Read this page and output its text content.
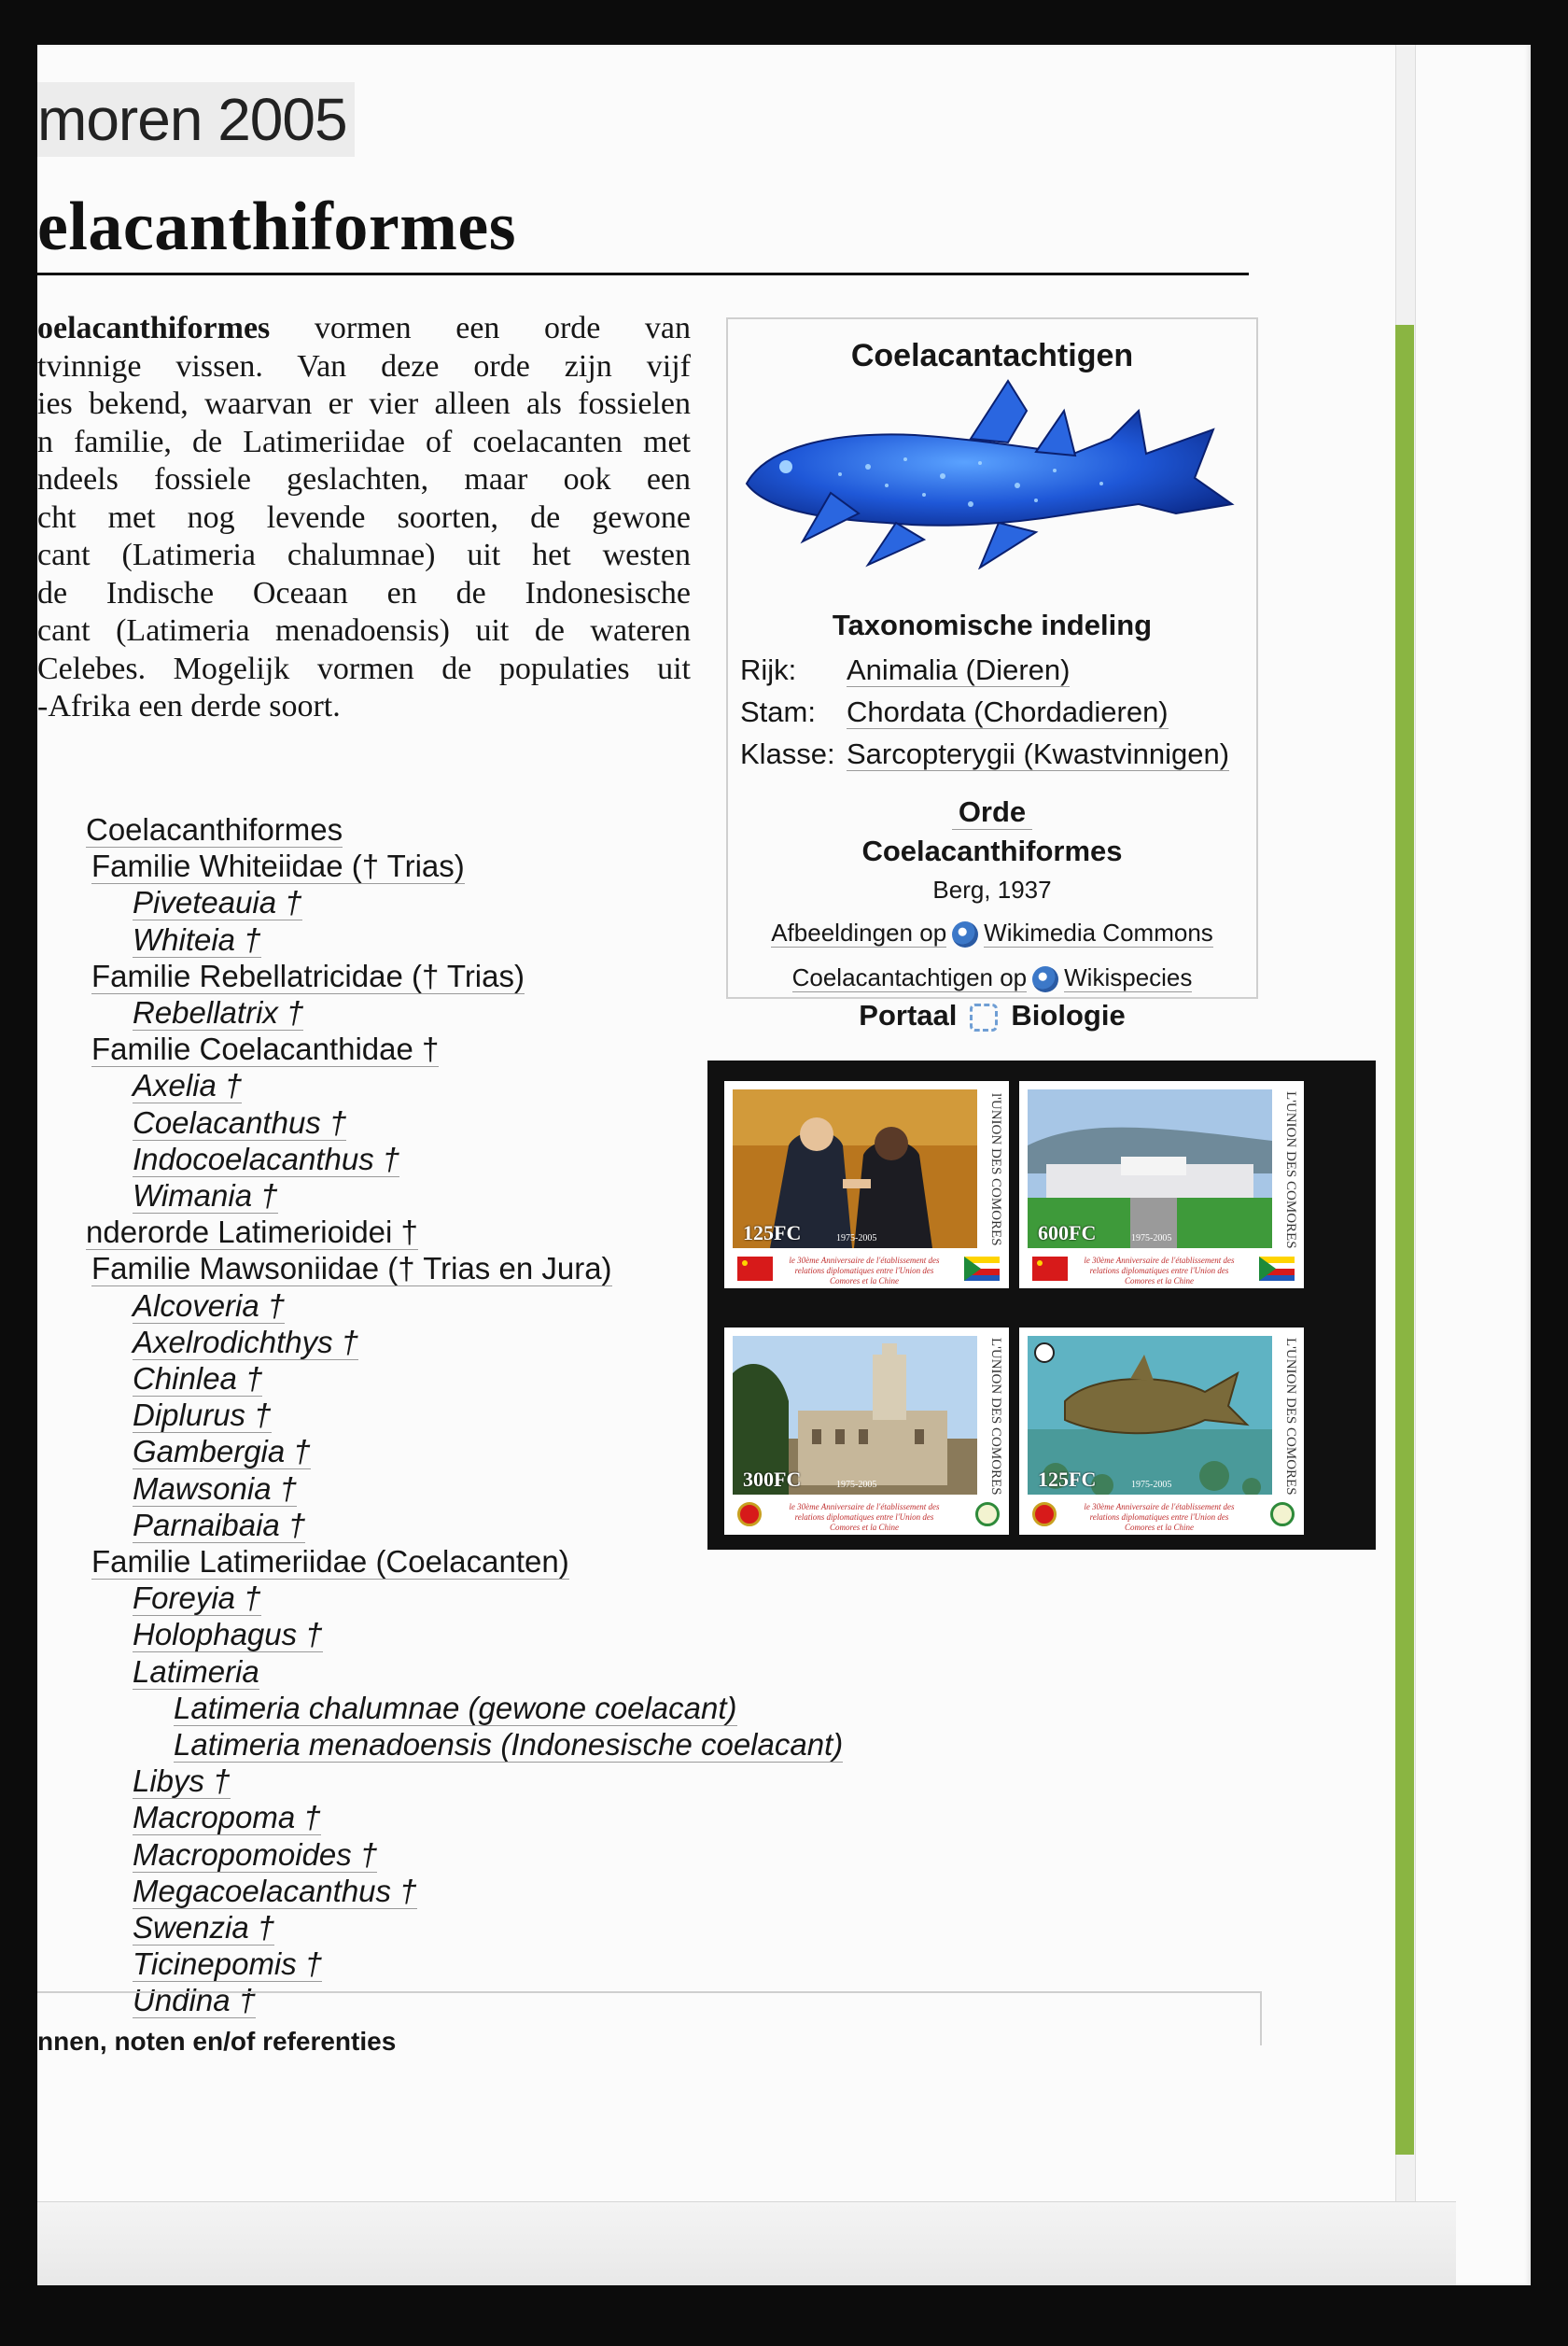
moren 2005
elacanthiformes
oelacanthiformes vormen een orde van
tvinnige vissen. Van deze orde zijn vijf
ies bekend, waarvan er vier alleen als fossielen
n familie, de Latimeriidae of coelacanten met
ndeels fossiele geslachten, maar ook een
cht met nog levende soorten, de gewone
cant (Latimeria chalumnae) uit het westen
de Indische Oceaan en de Indonesische
cant (Latimeria menadoensis) uit de wateren
Celebes. Mogelijk vormen de populaties uit
-Afrika een derde soort.
Coelacanthiformes
Familie Whiteiidae († Trias)
Piveteauia †
Whiteia †
Familie Rebellatricidae († Trias)
Rebellatrix †
Familie Coelacanthidae †
Axelia †
Coelacanthus †
Indocoelacanthus †
Wimania †
nderorde Latimerioidei †
Familie Mawsoniidae († Trias en Jura)
Alcoveria †
Axelrodichthys †
Chinlea †
Diplurus †
Gambergia †
Mawsonia †
Parnaibaia †
Familie Latimeriidae (Coelacanten)
Foreyia †
Holophagus †
Latimeria
Latimeria chalumnae (gewone coelacant)
Latimeria menadoensis (Indonesische coelacant)
Libys †
Macropoma †
Macropomoides †
Megacoelacanthus †
Swenzia †
Ticinepomis †
Undina †
Coelacantachtigen
Taxonomische indeling
Rijk: Animalia (Dieren)
Stam: Chordata (Chordadieren)
Klasse: Sarcopterygii (Kwastvinnigen)
Orde
Coelacanthiformes
Berg, 1937
Afbeeldingen op Wikimedia Commons
Coelacantachtigen op Wikispecies
Portaal Biologie
125FC	1975-2005	l'UNION DES COMORES
le 30ème Anniversaire de l'établissement des relations diplomatiques entre l'Union des Comores et la Chine
600FC	1975-2005	L'UNION DES COMORES
le 30ème Anniversaire de l'établissement des relations diplomatiques entre l'Union des Comores et la Chine
300FC	1975-2005	L'UNION DES COMORES
le 30ème Anniversaire de l'établissement des relations diplomatiques entre l'Union des Comores et la Chine
125FC	1975-2005	L'UNION DES COMORES
le 30ème Anniversaire de l'établissement des relations diplomatiques entre l'Union des Comores et la Chine
nnen, noten en/of referenties
